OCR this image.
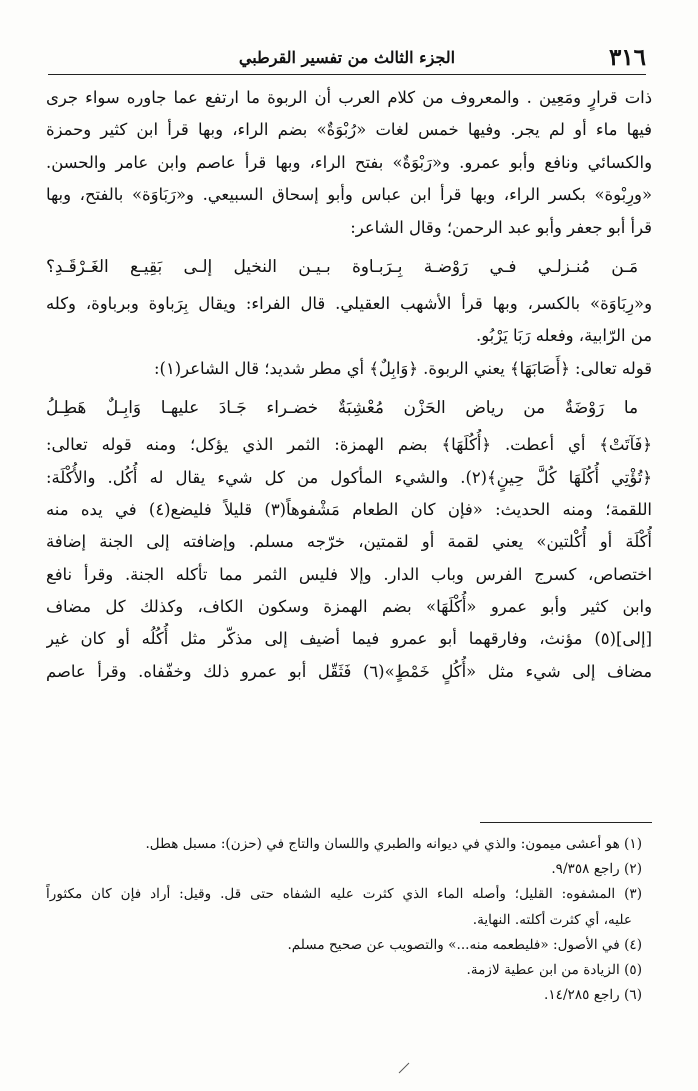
٣١٦
الجزء الثالث من تفسير القرطبي
ذات قرارٍ ومَعِين . والمعروف من كلام العرب أن الربوة ما ارتفع عما جاوره سواء جرى
فيها ماء أو لم يجر. وفيها خمس لغات «رُبْوَةٌ» بضم الراء، وبها قرأ ابن كثير وحمزة
والكسائي ونافع وأبو عمرو. و«رَبْوَةٌ» بفتح الراء، وبها قرأ عاصم وابن عامر والحسن.
«ورِبْوة» بكسر الراء، وبها قرأ ابن عباس وأبو إسحاق السبيعي. و«رَبَاوَة» بالفتح، وبها
قرأ أبو جعفر وأبو عبد الرحمن؛ وقال الشاعر:
مَـن مُنـزلـي فـي رَوْضـة بِـرَبـاوة بـيـن النخيل إلـى بَقِيـع الغَـرْقَـدِ؟
و«رِبَاوَة» بالكسر، وبها قرأ الأشهب العقيلي. قال الفراء: ويقال بِرَباوة وبرباوة، وكله
من الرّابية، وفعله رَبَا يَرْبُو.
قوله تعالى: ﴿أَصَابَهَا﴾ يعني الربوة. ﴿وَابِلٌ﴾ أي مطر شديد؛ قال الشاعر(١):
ما رَوْضَةٌ من رياض الحَزْن مُعْشِبَةٌ خضـراء جَـادَ عليهـا وَابِـلٌ هَطِـلُ
﴿فَآتَتْ﴾ أي أعطت. ﴿أُكُلَهَا﴾ بضم الهمزة: الثمر الذي يؤكل؛ ومنه قوله تعالى:
﴿تُؤْتِي أُكُلَهَا كُلَّ حِينٍ﴾(٢). والشيء المأكول من كل شيء يقال له أُكُل. والأُكْلَة:
اللقمة؛ ومنه الحديث: «فإن كان الطعام مَشْفوهاً(٣) قليلاً فليضع(٤) في يده منه
أُكْلَة أو أُكْلتين» يعني لقمة أو لقمتين، خرّجه مسلم. وإضافته إلى الجنة إضافة
اختصاص، كسرج الفرس وباب الدار. وإلا فليس الثمر مما تأكله الجنة. وقرأ نافع
وابن كثير وأبو عمرو «أُكْلَهَا» بضم الهمزة وسكون الكاف، وكذلك كل مضاف
[إلى](٥) مؤنث، وفارقهما أبو عمرو فيما أضيف إلى مذكّر مثل أُكُلُه أو كان غير
مضاف إلى شيء مثل «أُكُلٍ خَمْطٍ»(٦) فَثَقّل أبو عمرو ذلك وخفّفاه. وقرأ عاصم
(١) هو أعشى ميمون: والذي في ديوانه والطبري واللسان والتاج في (حزن): مسبل هطل.
(٢) راجع ٩/٣٥٨.
(٣) المشفوه: القليل؛ وأصله الماء الذي كثرت عليه الشفاه حتى قل. وقيل: أراد فإن كان مكثوراً
عليه، أي كثرت أكلته. النهاية.
(٤) في الأصول: «فليطعمه منه...» والتصويب عن صحيح مسلم.
(٥) الزيادة من ابن عطية لازمة.
(٦) راجع ١٤/٢٨٥.
